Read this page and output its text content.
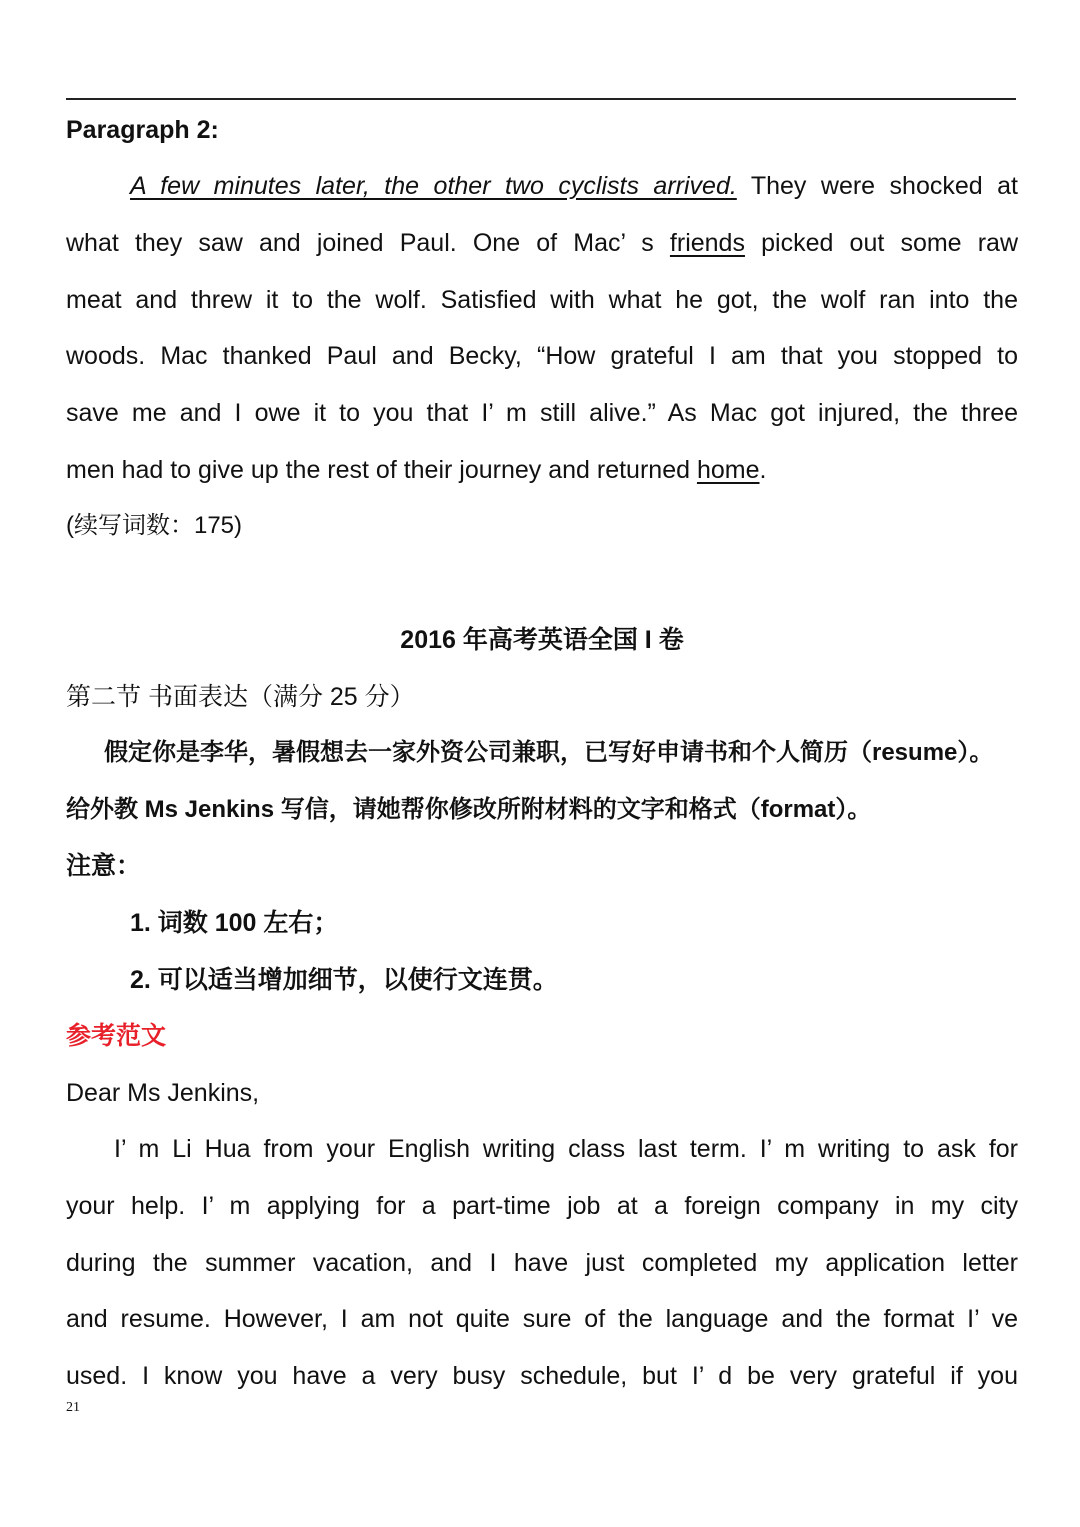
Paragraph 2:
A few minutes later, the other two cyclists arrived. They were shocked at
what they saw and joined Paul. One of Mac’ s friends picked out some raw
meat and threw it to the wolf. Satisfied with what he got, the wolf ran into the
woods. Mac thanked Paul and Becky, “How grateful I am that you stopped to
save me and I owe it to you that I’ m still alive.” As Mac got injured, the three
men had to give up the rest of their journey and returned home.
(续写词数：175)
2016 年高考英语全国 I 卷
第二节 书面表达（满分 25 分）
假定你是李华，暑假想去一家外资公司兼职，已写好申请书和个人简历（resume）。
给外教 Ms Jenkins 写信，请她帮你修改所附材料的文字和格式（format）。
注意：
1. 词数 100 左右；
2. 可以适当增加细节，以使行文连贯。
参考范文
Dear Ms Jenkins,
I’ m Li Hua from your English writing class last term. I’ m writing to ask for
your help. I’ m applying for a part-time job at a foreign company in my city
during the summer vacation, and I have just completed my application letter
and resume. However, I am not quite sure of the language and the format I’ ve
used. I know you have a very busy schedule, but I’ d be very grateful if you
21
